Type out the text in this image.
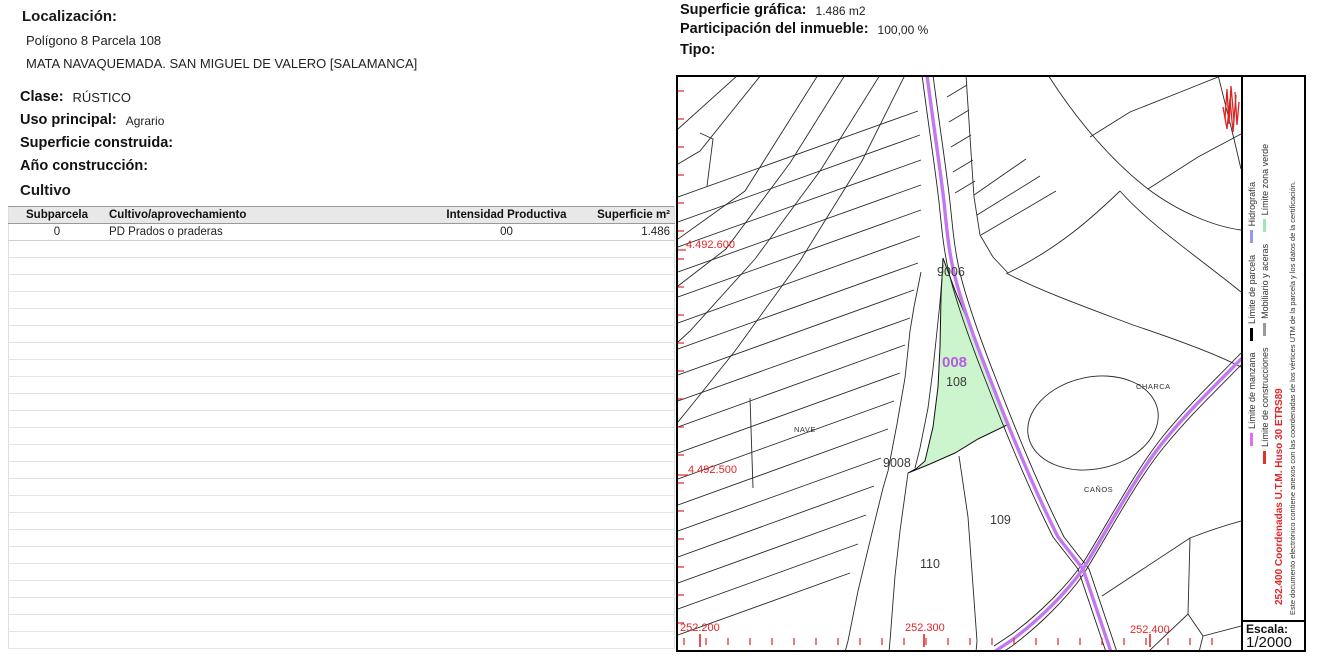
Localización:
Polígono 8 Parcela 108
MATA NAVAQUEMADA. SAN MIGUEL DE VALERO [SALAMANCA]
Clase: RÚSTICO
Uso principal: Agrario
Superficie construida:
Año construcción:
Cultivo
Subparcela	Cultivo/aprovechamiento	Intensidad Productiva	Superficie m²
0	PD Prados o praderas	00	1.486

Superficie gráfica: 1.486 m2
Participación del inmueble: 100,00 %
Tipo:
4.492.600
4.492.500
252.200	252.300	252.400
9006
9008
109
110
008
108
NAVE
CHARCA
CAÑOS
Límite de manzana Límite de parcela Hidrografía
Límite de construcciones Mobiliario y aceras Límite zona verde
252.400 Coordenadas U.T.M. Huso 30 ETRS89 Este documento electrónico contiene anexos con las coordenadas de los vértices UTM de la parcela y los datos de la certificación.
Escala:
1/2000
